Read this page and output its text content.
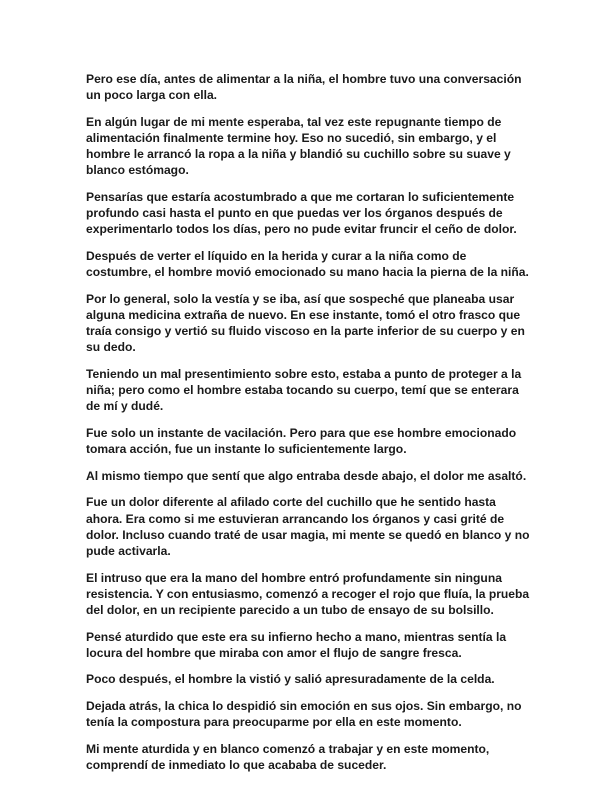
Pero ese día, antes de alimentar a la niña, el hombre tuvo una conversación un poco larga con ella.

En algún lugar de mi mente esperaba, tal vez este repugnante tiempo de alimentación finalmente termine hoy. Eso no sucedió, sin embargo, y el hombre le arrancó la ropa a la niña y blandió su cuchillo sobre su suave y blanco estómago.

Pensarías que estaría acostumbrado a que me cortaran lo suficientemente profundo casi hasta el punto en que puedas ver los órganos después de experimentarlo todos los días, pero no pude evitar fruncir el ceño de dolor.

Después de verter el líquido en la herida y curar a la niña como de costumbre, el hombre movió emocionado su mano hacia la pierna de la niña.

Por lo general, solo la vestía y se iba, así que sospeché que planeaba usar alguna medicina extraña de nuevo. En ese instante, tomó el otro frasco que traía consigo y vertió su fluido viscoso en la parte inferior de su cuerpo y en su dedo.

Teniendo un mal presentimiento sobre esto, estaba a punto de proteger a la niña; pero como el hombre estaba tocando su cuerpo, temí que se enterara de mí y dudé.

Fue solo un instante de vacilación. Pero para que ese hombre emocionado tomara acción, fue un instante lo suficientemente largo.

Al mismo tiempo que sentí que algo entraba desde abajo, el dolor me asaltó.

Fue un dolor diferente al afilado corte del cuchillo que he sentido hasta ahora. Era como si me estuvieran arrancando los órganos y casi grité de dolor. Incluso cuando traté de usar magia, mi mente se quedó en blanco y no pude activarla.

El intruso que era la mano del hombre entró profundamente sin ninguna resistencia. Y con entusiasmo, comenzó a recoger el rojo que fluía, la prueba del dolor, en un recipiente parecido a un tubo de ensayo de su bolsillo.

Pensé aturdido que este era su infierno hecho a mano, mientras sentía la locura del hombre que miraba con amor el flujo de sangre fresca.

Poco después, el hombre la vistió y salió apresuradamente de la celda.

Dejada atrás, la chica lo despidió sin emoción en sus ojos. Sin embargo, no tenía la compostura para preocuparme por ella en este momento.

Mi mente aturdida y en blanco comenzó a trabajar y en este momento, comprendí de inmediato lo que acababa de suceder.
